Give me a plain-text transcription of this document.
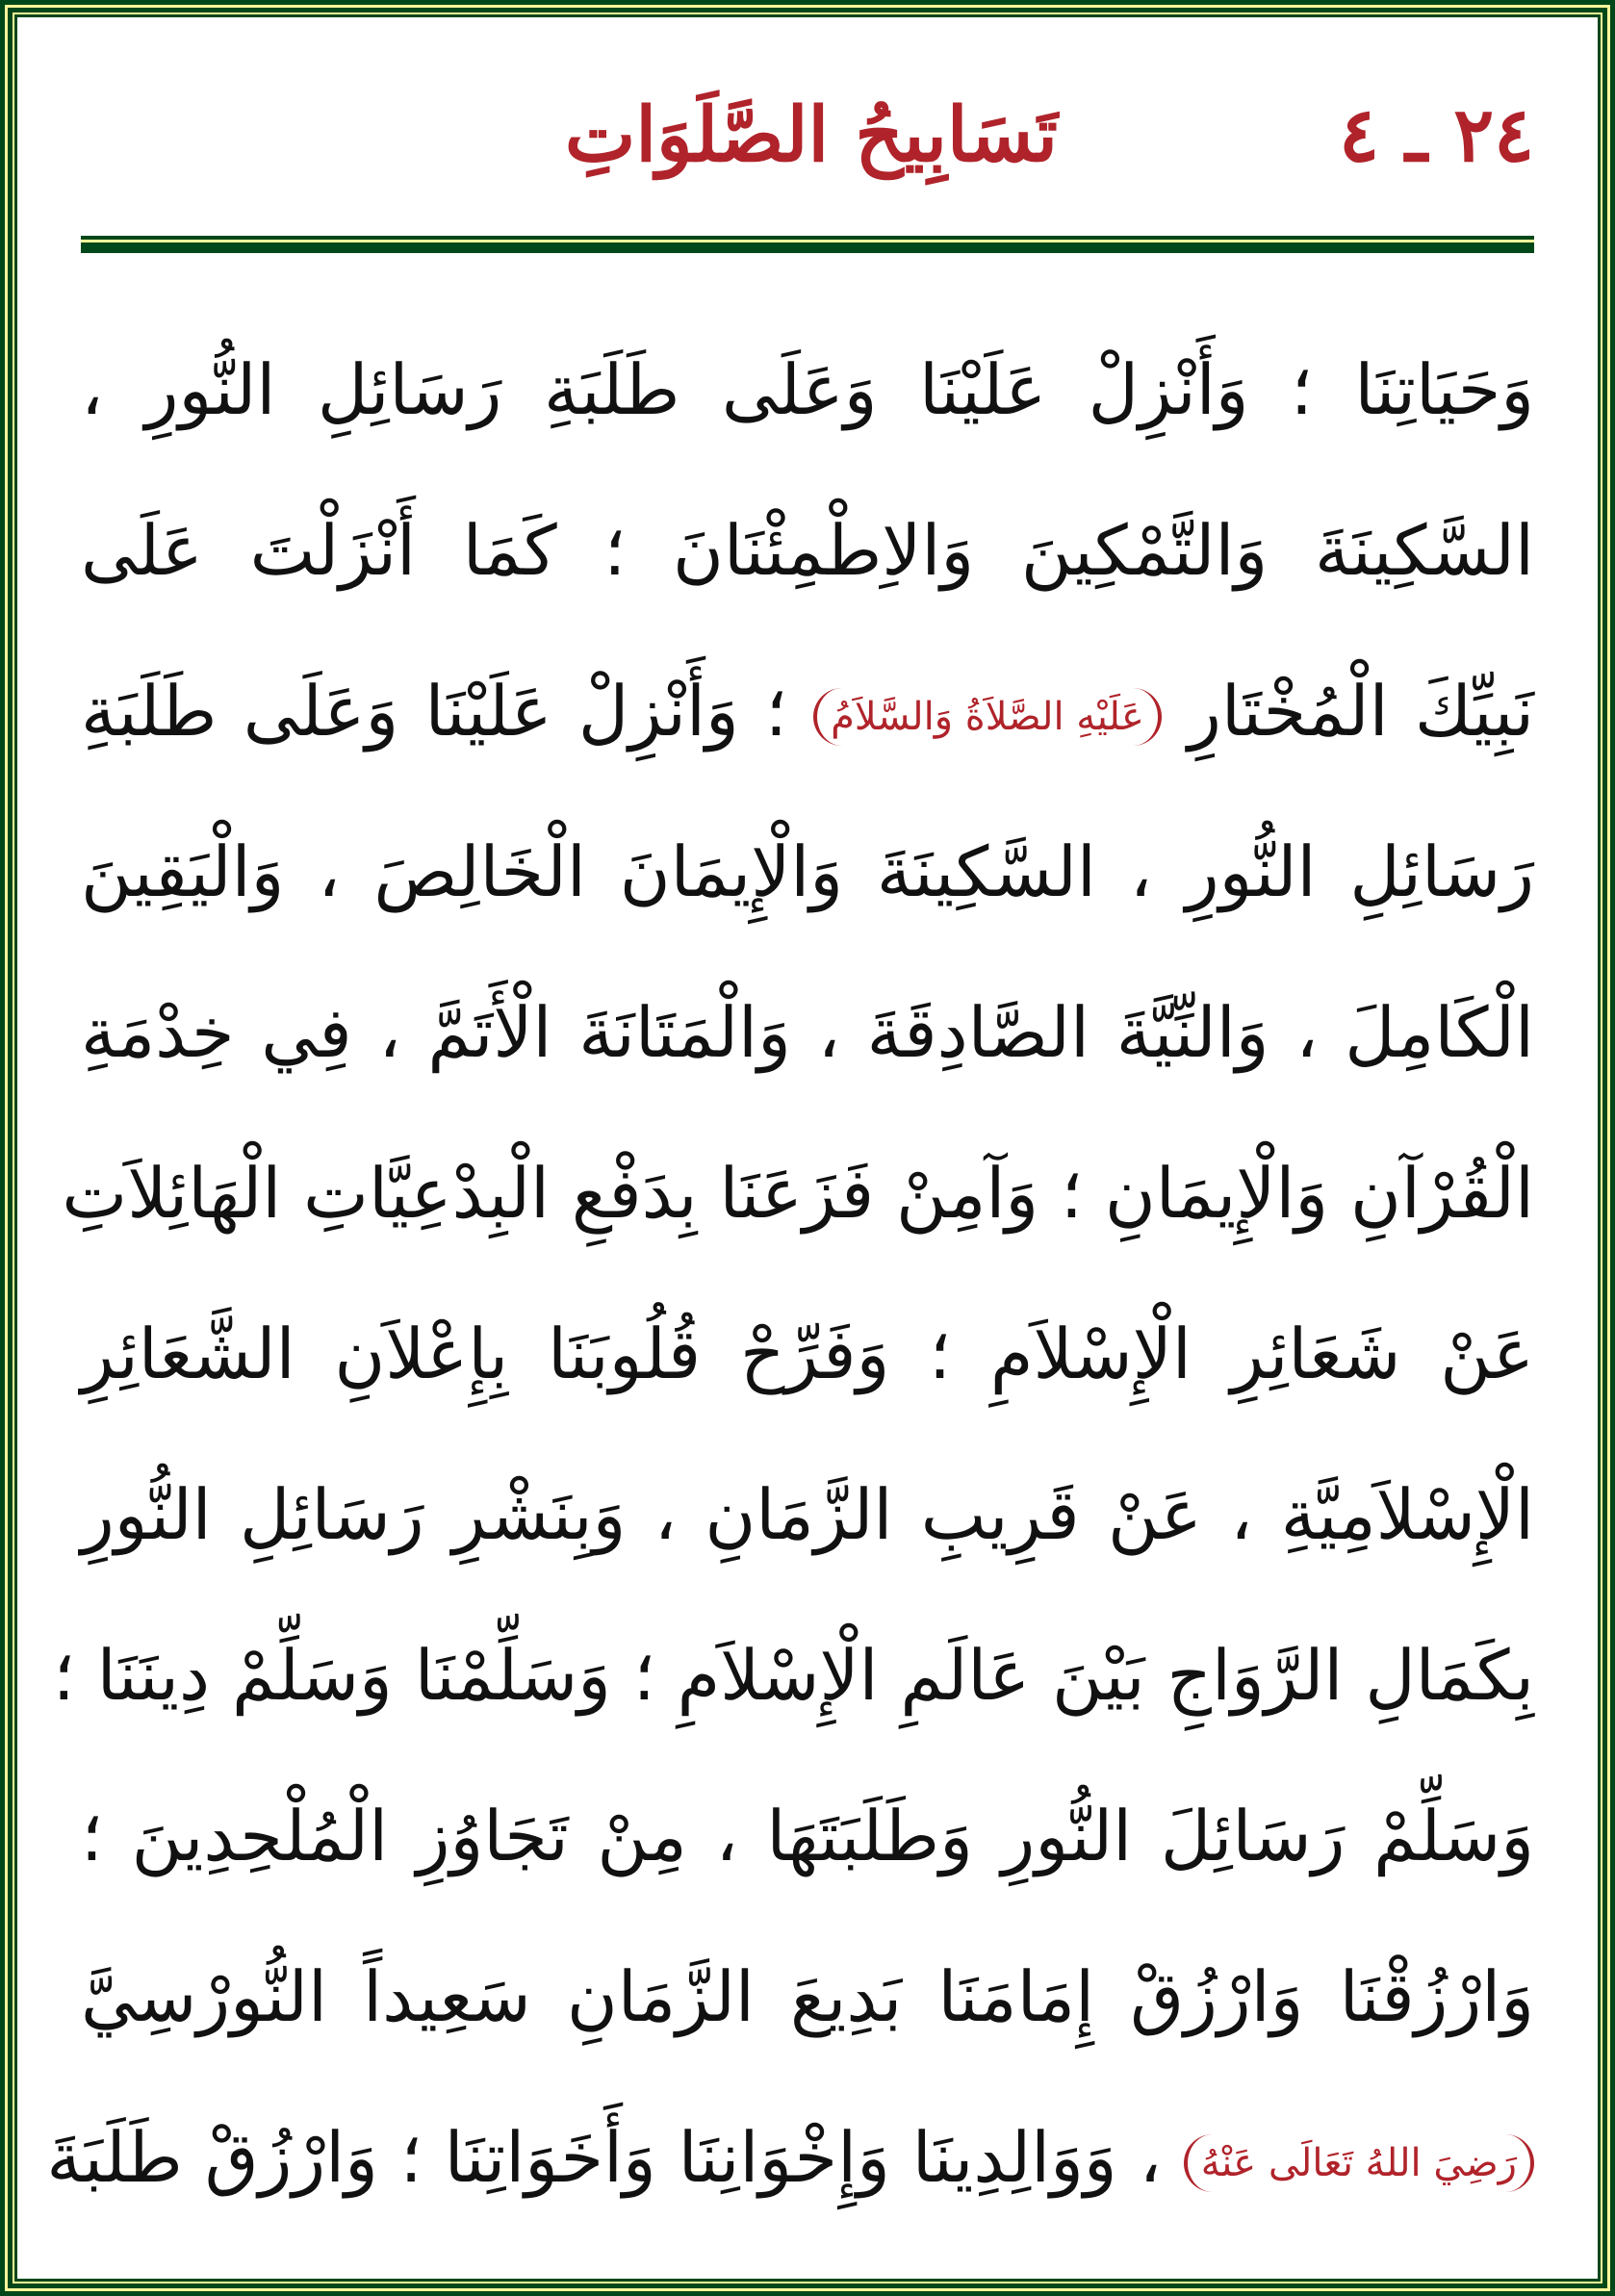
٢٤ ـ ٤
تَسَابِيحُ الصَّلَوَاتِ
وَحَيَاتِنَا ؛ وَأَنْزِلْ عَلَيْنَا وَعَلَى طَلَبَةِ رَسَائِلِ النُّورِ ،
السَّكِينَةَ وَالتَّمْكِينَ وَالاِطْمِئْنَانَ ؛ كَمَا أَنْزَلْتَ عَلَى
نَبِيِّكَ الْمُخْتَارِ عَلَيْهِ الصَّلاَةُ وَالسَّلاَمُ ؛ وَأَنْزِلْ عَلَيْنَا وَعَلَى طَلَبَةِ
رَسَائِلِ النُّورِ ، السَّكِينَةَ وَالْإِيمَانَ الْخَالِصَ ، وَالْيَقِينَ
الْكَامِلَ ، وَالنِّيَّةَ الصَّادِقَةَ ، وَالْمَتَانَةَ الْأَتَمَّ ، فِي خِدْمَةِ
الْقُرْآنِ وَالْإِيمَانِ ؛ وَآمِنْ فَزَعَنَا بِدَفْعِ الْبِدْعِيَّاتِ الْهَائِلاَتِ
عَنْ شَعَائِرِ الْإِسْلاَمِ ؛ وَفَرِّحْ قُلُوبَنَا بِإِعْلاَنِ الشَّعَائِرِ
الْإِسْلاَمِيَّةِ ، عَنْ قَرِيبِ الزَّمَانِ ، وَبِنَشْرِ رَسَائِلِ النُّورِ
بِكَمَالِ الرَّوَاجِ بَيْنَ عَالَمِ الْإِسْلاَمِ ؛ وَسَلِّمْنَا وَسَلِّمْ دِينَنَا ؛
وَسَلِّمْ رَسَائِلَ النُّورِ وَطَلَبَتَهَا ، مِنْ تَجَاوُزِ الْمُلْحِدِينَ ؛
وَارْزُقْنَا وَارْزُقْ إِمَامَنَا بَدِيعَ الزَّمَانِ سَعِيداً النُّورْسِيَّ
رَضِيَ اللهُ تَعَالَى عَنْهُ ، وَوَالِدِينَا وَإِخْوَانِنَا وَأَخَوَاتِنَا ؛ وَارْزُقْ طَلَبَةَ
